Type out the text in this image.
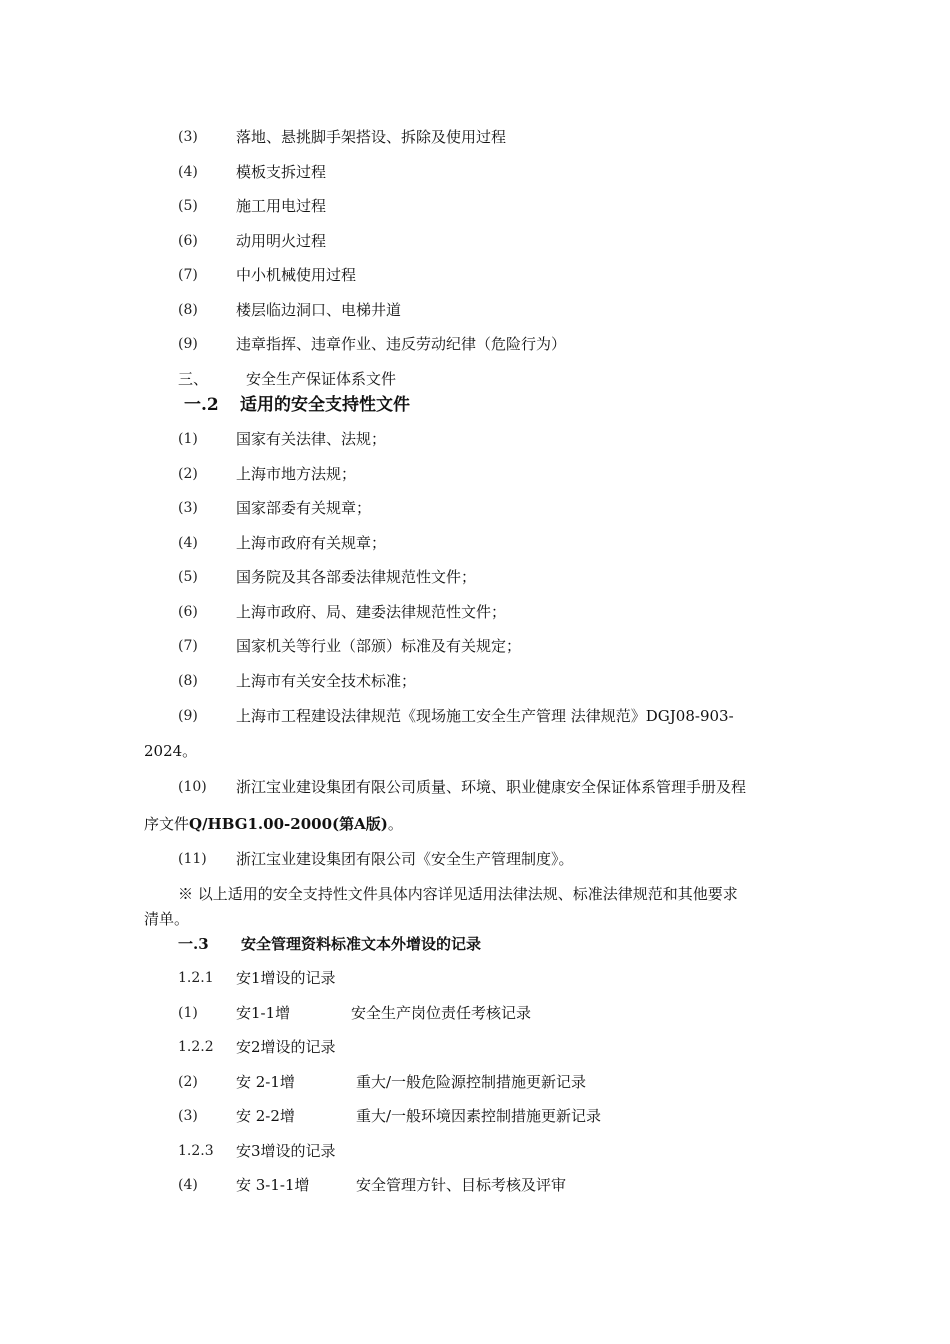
(3)	落地、悬挑脚手架搭设、拆除及使用过程
(4)	模板支拆过程
(5)	施工用电过程
(6)	动用明火过程
(7)	中小机械使用过程
(8)	楼层临边洞口、电梯井道
(9)	违章指挥、违章作业、违反劳动纪律（危险行为）
三、	安全生产保证体系文件
一.2 适用的安全支持性文件
(1)	国家有关法律、法规；
(2)	上海市地方法规；
(3)	国家部委有关规章；
(4)	上海市政府有关规章；
(5)	国务院及其各部委法律规范性文件；
(6)	上海市政府、局、建委法律规范性文件；
(7)	国家机关等行业（部颁）标准及有关规定；
(8)	上海市有关安全技术标准；
(9)	上海市工程建设法律规范《现场施工安全生产管理 法律规范》DGJ08-903-
2024。
(10) 浙江宝业建设集团有限公司质量、环境、职业健康安全保证体系管理手册及程
序文件Q/HBG1.00-2000(第A版)。
(11) 浙江宝业建设集团有限公司《安全生产管理制度》。
※ 以上适用的安全支持性文件具体内容详见适用法律法规、标准法律规范和其他要求
清单。
一.3 安全管理资料标准文本外增设的记录
1.2.1 安1增设的记录
(1)	安1-1增	安全生产岗位责任考核记录
1.2.2 安2增设的记录
(2)	安 2-1增	重大/一般危险源控制措施更新记录
(3)	安 2-2增	重大/一般环境因素控制措施更新记录
1.2.3 安3增设的记录
(4)	安 3-1-1增	安全管理方针、目标考核及评审
